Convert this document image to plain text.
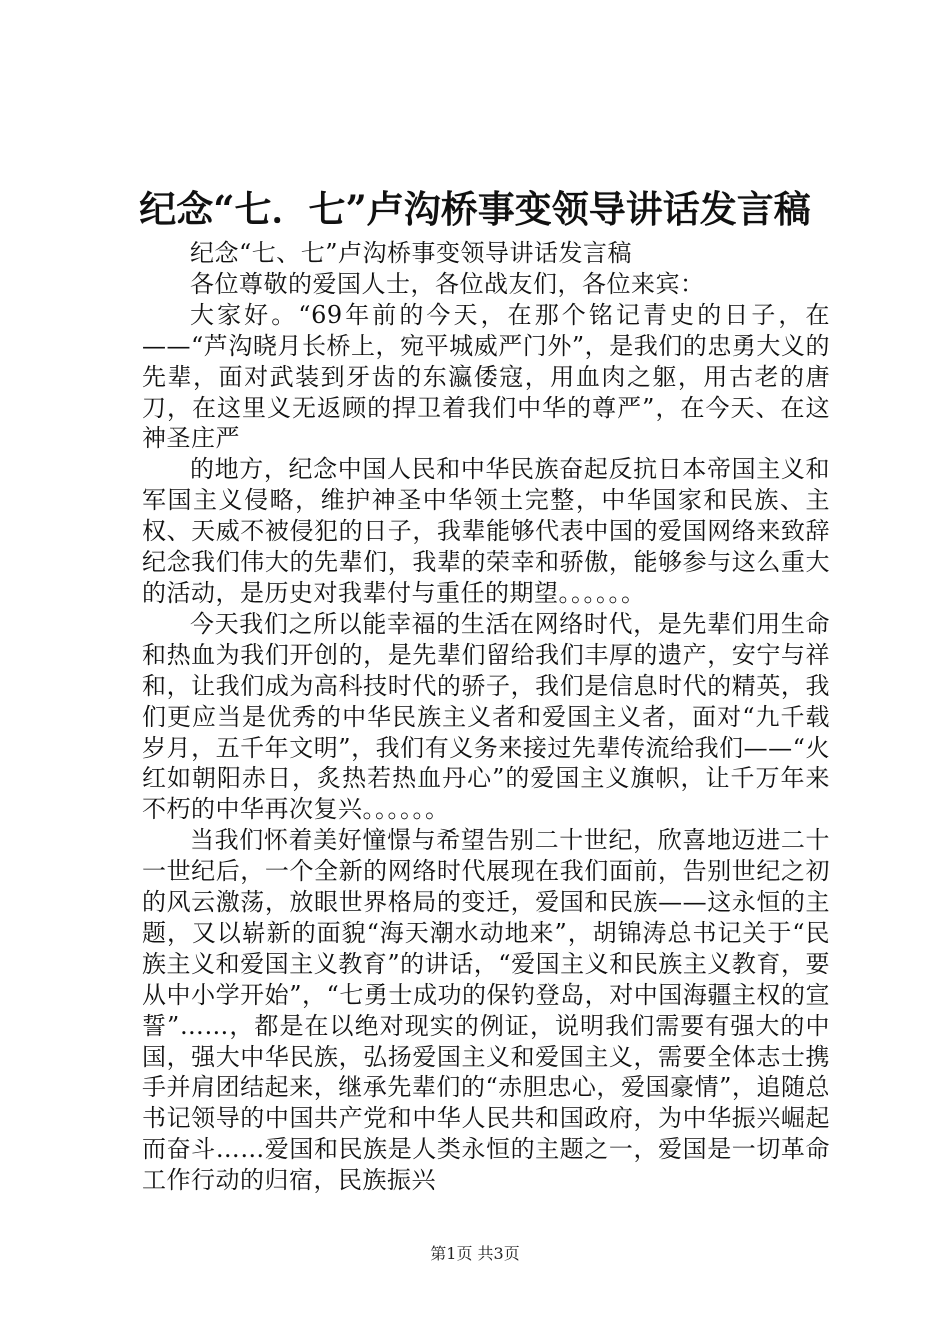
纪念“七．七”卢沟桥事变领导讲话发言稿

纪念“七、七”卢沟桥事变领导讲话发言稿

各位尊敬的爱国人士，各位战友们，各位来宾：

大家好。“69年前的今天，在那个铭记青史的日子，在——“芦沟晓月长桥上，宛平城威严门外”，是我们的忠勇大义的先辈，面对武装到牙齿的东瀛倭寇，用血肉之躯，用古老的唐刀，在这里义无返顾的捍卫着我们中华的尊严”，在今天、在这神圣庄严

的地方，纪念中国人民和中华民族奋起反抗日本帝国主义和军国主义侵略，维护神圣中华领土完整，中华国家和民族、主权、天威不被侵犯的日子，我辈能够代表中国的爱国网络来致辞纪念我们伟大的先辈们，我辈的荣幸和骄傲，能够参与这么重大的活动，是历史对我辈付与重任的期望。。。。。。

今天我们之所以能幸福的生活在网络时代，是先辈们用生命和热血为我们开创的，是先辈们留给我们丰厚的遗产，安宁与祥和，让我们成为高科技时代的骄子，我们是信息时代的精英，我们更应当是优秀的中华民族主义者和爱国主义者，面对“九千载岁月，五千年文明”，我们有义务来接过先辈传流给我们——“火红如朝阳赤日，炙热若热血丹心”的爱国主义旗帜，让千万年来不朽的中华再次复兴。。。。。。

当我们怀着美好憧憬与希望告别二十世纪，欣喜地迈进二十一世纪后，一个全新的网络时代展现在我们面前，告别世纪之初的风云激荡，放眼世界格局的变迁，爱国和民族——这永恒的主题，又以崭新的面貌“海天潮水动地来”，胡锦涛总书记关于“民族主义和爱国主义教育”的讲话，“爱国主义和民族主义教育，要从中小学开始”，“七勇士成功的保钓登岛，对中国海疆主权的宣誓”……，都是在以绝对现实的例证，说明我们需要有强大的中国，强大中华民族，弘扬爱国主义和爱国主义，需要全体志士携手并肩团结起来，继承先辈们的“赤胆忠心，爱国豪情”，追随总书记领导的中国共产党和中华人民共和国政府，为中华振兴崛起而奋斗……爱国和民族是人类永恒的主题之一，爱国是一切革命工作行动的归宿，民族振兴

第1页 共3页
